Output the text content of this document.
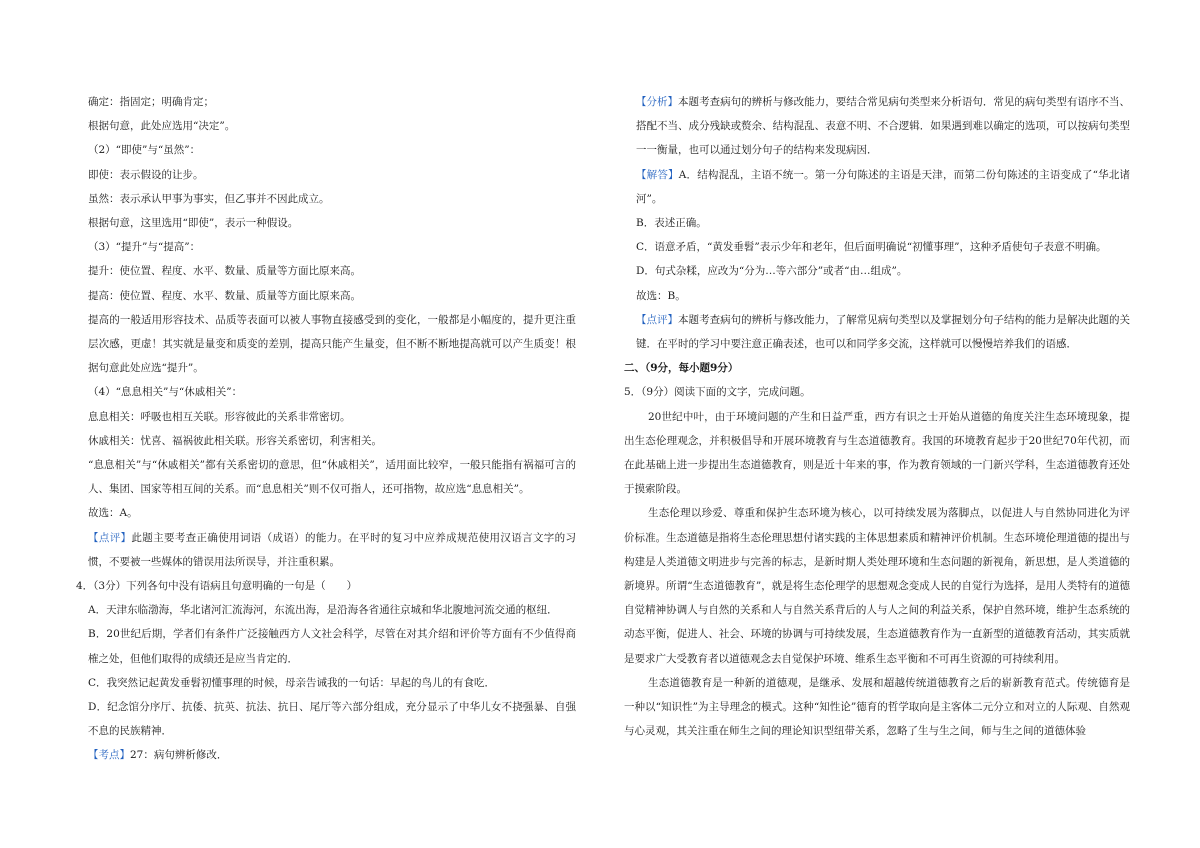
确定：指固定；明确肯定；

根据句意，此处应选用“决定”。

（2）“即使”与“虽然”：

即使：表示假设的让步。

虽然：表示承认甲事为事实，但乙事并不因此成立。

根据句意，这里选用“即使”，表示一种假设。

（3）“提升”与“提高”：

提升：使位置、程度、水平、数量、质量等方面比原来高。

提高：使位置、程度、水平、数量、质量等方面比原来高。

提高的一般适用形容技术、品质等表面可以被人事物直接感受到的变化，一般都是小幅度的，提升更注重层次感，更虚！其实就是量变和质变的差别，提高只能产生量变，但不断不断地提高就可以产生质变！根据句意此处应选“提升”。

（4）“息息相关”与“休戚相关”：

息息相关：呼吸也相互关联。形容彼此的关系非常密切。

休戚相关：忧喜、福祸彼此相关联。形容关系密切，利害相关。

“息息相关”与“休戚相关”都有关系密切的意思，但“休戚相关”，适用面比较窄，一般只能指有祸福可言的人、集团、国家等相互间的关系。而“息息相关”则不仅可指人，还可指物，故应选“息息相关”。

故选：A。

【点评】此题主要考查正确使用词语（成语）的能力。在平时的复习中应养成规范使用汉语言文字的习惯，不要被一些媒体的错误用法所误导，并注重积累。

4．（3分）下列各句中没有语病且句意明确的一句是（　　）

A．天津东临渤海，华北诸河汇流海河，东流出海，是沿海各省通往京城和华北腹地河流交通的枢纽．

B．20世纪后期，学者们有条件广泛接触西方人文社会科学，尽管在对其介绍和评价等方面有不少值得商榷之处，但他们取得的成绩还是应当肯定的．

C．我突然记起黄发垂髫初懂事理的时候，母亲告诫我的一句话：早起的鸟儿的有食吃．

D．纪念馆分序厅、抗倭、抗英、抗法、抗日、尾厅等六部分组成，充分显示了中华儿女不挠强暴、自强不息的民族精神．

【考点】27：病句辨析修改．

【分析】本题考查病句的辨析与修改能力，要结合常见病句类型来分析语句．常见的病句类型有语序不当、搭配不当、成分残缺或赘余、结构混乱、表意不明、不合逻辑．如果遇到难以确定的选项，可以按病句类型一一衡量，也可以通过划分句子的结构来发现病因．

【解答】A．结构混乱，主语不统一。第一分句陈述的主语是天津，而第二份句陈述的主语变成了“华北诸河”。

B．表述正确。

C．语意矛盾，“黄发垂髫”表示少年和老年，但后面明确说“初懂事理”，这种矛盾使句子表意不明确。

D．句式杂糅，应改为“分为…等六部分”或者“由…组成”。

故选：B。

【点评】本题考查病句的辨析与修改能力，了解常见病句类型以及掌握划分句子结构的能力是解决此题的关键．在平时的学习中要注意正确表述，也可以和同学多交流，这样就可以慢慢培养我们的语感．

二、（9分，每小题9分）

5．（9分）阅读下面的文字，完成问题。

20世纪中叶，由于环境问题的产生和日益严重，西方有识之士开始从道德的角度关注生态环境现象，提出生态伦理观念，并积极倡导和开展环境教育与生态道德教育。我国的环境教育起步于20世纪70年代初，而在此基础上进一步提出生态道德教育，则是近十年来的事，作为教育领域的一门新兴学科，生态道德教育还处于摸索阶段。

生态伦理以珍爱、尊重和保护生态环境为核心，以可持续发展为落脚点，以促进人与自然协同进化为评价标准。生态道德是指将生态伦理思想付诸实践的主体思想素质和精神评价机制。生态环境伦理道德的提出与构建是人类道德文明进步与完善的标志，是新时期人类处理环境和生态问题的新视角，新思想，是人类道德的新境界。所谓“生态道德教育”，就是将生态伦理学的思想观念变成人民的自觉行为选择，是用人类特有的道德自觉精神协调人与自然的关系和人与自然关系背后的人与人之间的利益关系，保护自然环境，维护生态系统的动态平衡，促进人、社会、环境的协调与可持续发展，生态道德教育作为一直新型的道德教育活动，其实质就是要求广大受教育者以道德观念去自觉保护环境、维系生态平衡和不可再生资源的可持续利用。

生态道德教育是一种新的道德观，是继承、发展和超越传统道德教育之后的崭新教育范式。传统德育是一种以“知识性”为主导理念的模式。这种“知性论”德育的哲学取向是主客体二元分立和对立的人际观、自然观与心灵观，其关注重在师生之间的理论知识型纽带关系，忽略了生与生之间，师与生之间的道德体验
